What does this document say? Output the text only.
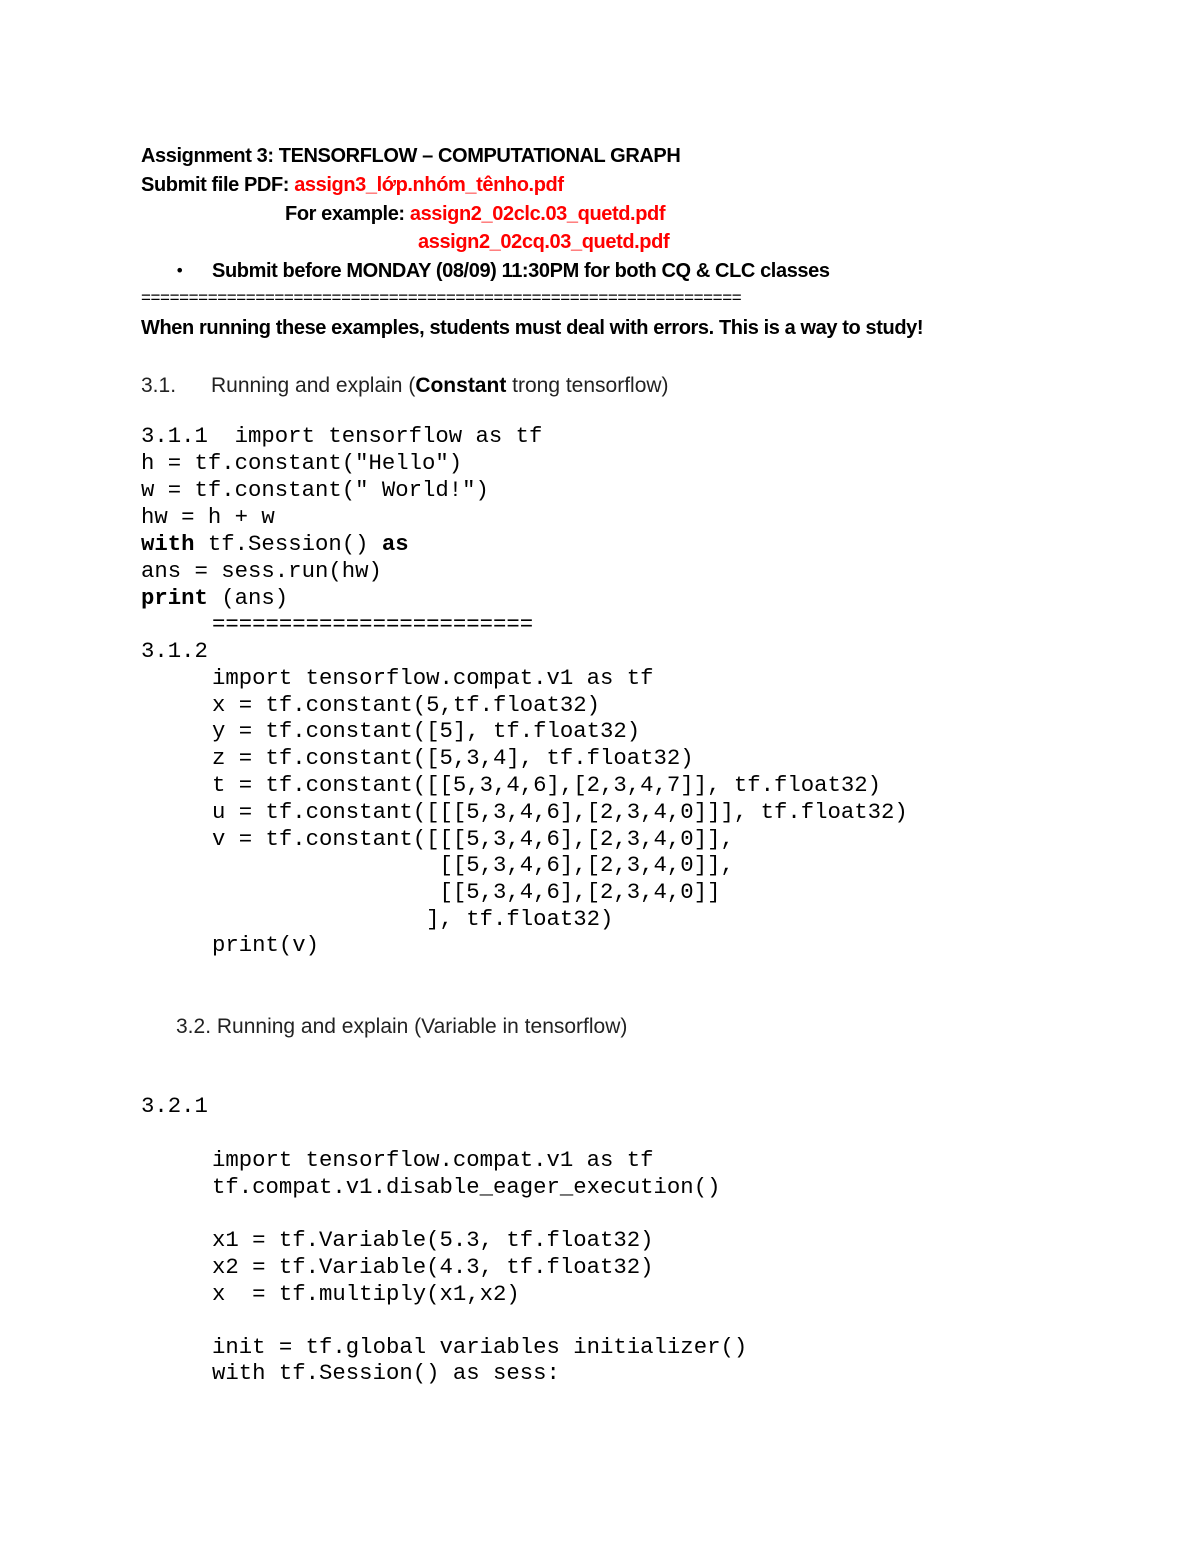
Assignment 3: TENSORFLOW – COMPUTATIONAL GRAPH
Submit file PDF: assign3_lớp.nhóm_tênho.pdf
For example: assign2_02clc.03_quetd.pdf
assign2_02cq.03_quetd.pdf
• Submit before MONDAY (08/09) 11:30PM for both CQ & CLC classes
===============================================================
When running these examples, students must deal with errors. This is a way to study!
3.1. Running and explain (Constant trong tensorflow)
3.1.1  import tensorflow as tf
h = tf.constant("Hello")
w = tf.constant(" World!")
hw = h + w
with tf.Session() as
ans = sess.run(hw)
print (ans)
========================
3.1.2
import tensorflow.compat.v1 as tf
x = tf.constant(5,tf.float32)
y = tf.constant([5], tf.float32)
z = tf.constant([5,3,4], tf.float32)
t = tf.constant([[5,3,4,6],[2,3,4,7]], tf.float32)
u = tf.constant([[[5,3,4,6],[2,3,4,0]]], tf.float32)
v = tf.constant([[[5,3,4,6],[2,3,4,0]],
[[5,3,4,6],[2,3,4,0]],
[[5,3,4,6],[2,3,4,0]]
], tf.float32)
print(v)
3.2. Running and explain (Variable in tensorflow)
3.2.1
import tensorflow.compat.v1 as tf
tf.compat.v1.disable_eager_execution()
x1 = tf.Variable(5.3, tf.float32)
x2 = tf.Variable(4.3, tf.float32)
x  = tf.multiply(x1,x2)
init = tf.global variables initializer()
with tf.Session() as sess:
